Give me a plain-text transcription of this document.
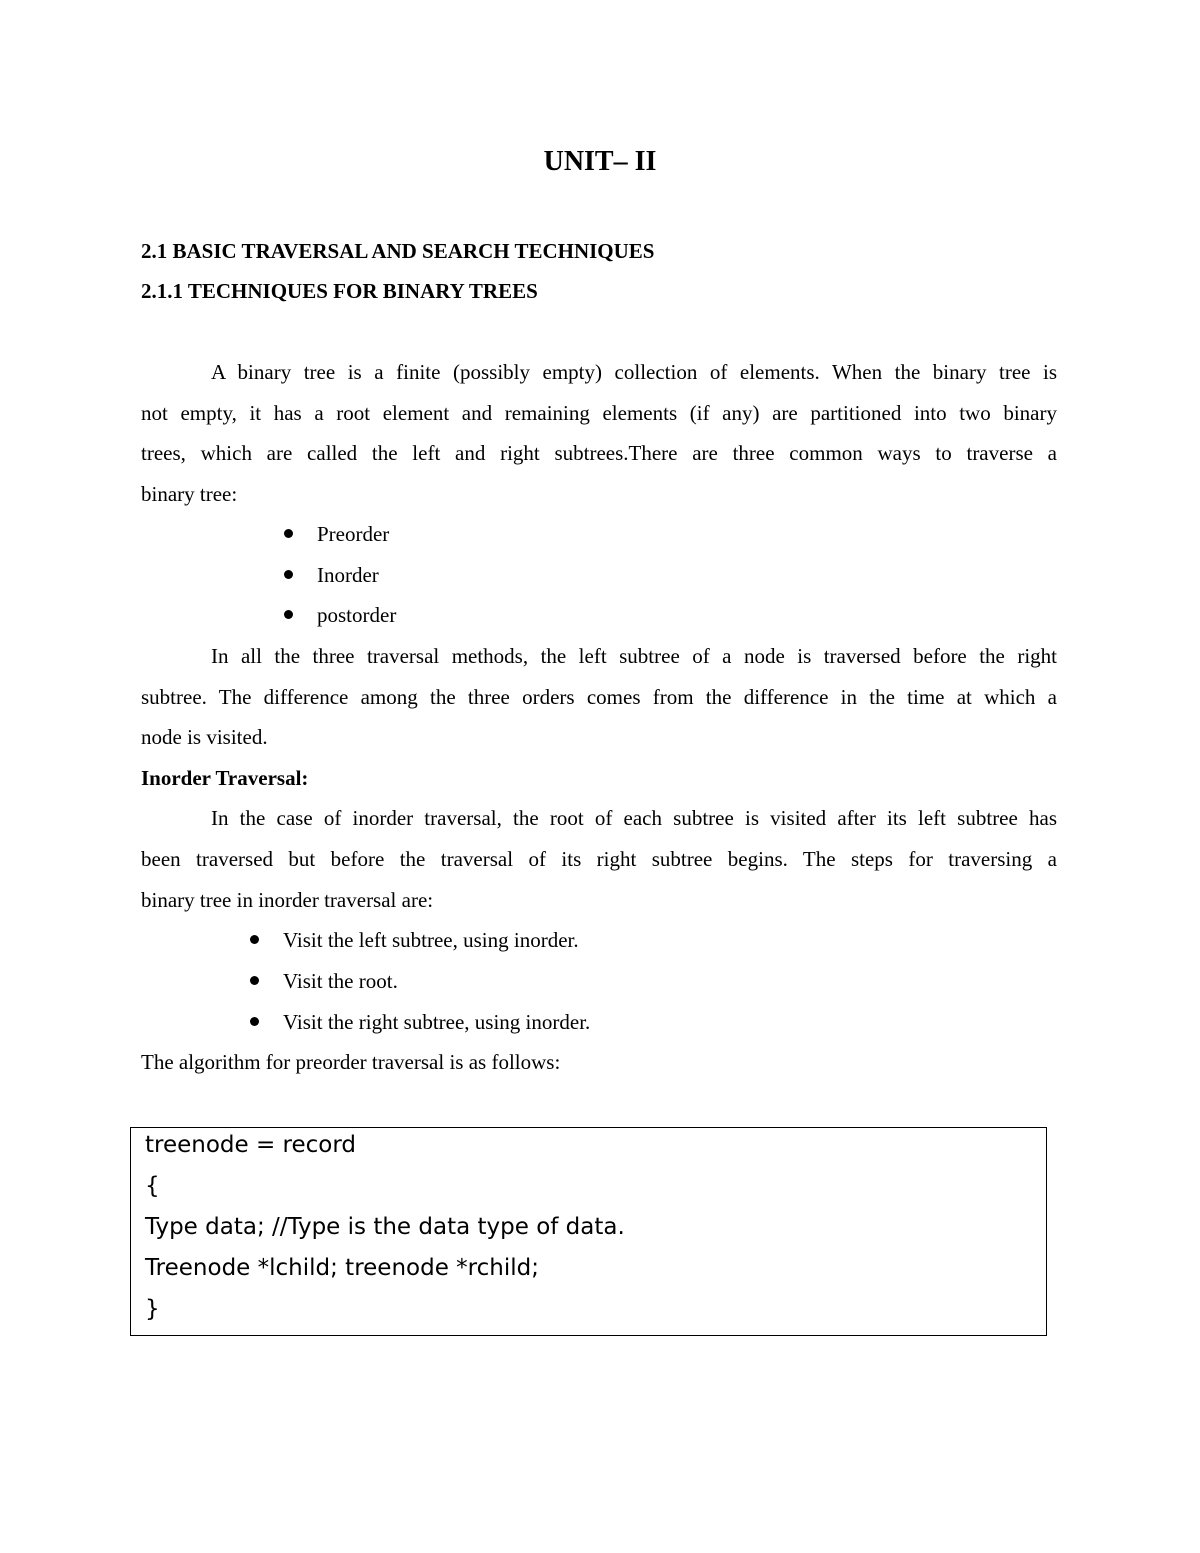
UNIT– II
2.1 BASIC TRAVERSAL AND SEARCH TECHNIQUES
2.1.1 TECHNIQUES FOR BINARY TREES
A binary tree is a finite (possibly empty) collection of elements. When the binary tree is
not empty, it has a root element and remaining elements (if any) are partitioned into two binary
trees, which are called the left and right subtrees.There are three common ways to traverse a
binary tree:
Preorder
Inorder
postorder
In all the three traversal methods, the left subtree of a node is traversed before the right
subtree. The difference among the three orders comes from the difference in the time at which a
node is visited.
Inorder Traversal:
In the case of inorder traversal, the root of each subtree is visited after its left subtree has
been traversed but before the traversal of its right subtree begins. The steps for traversing a
binary tree in inorder traversal are:
Visit the left subtree, using inorder.
Visit the root.
Visit the right subtree, using inorder.
The algorithm for preorder traversal is as follows:
treenode = record
{
Type data; //Type is the data type of data.
Treenode *lchild; treenode *rchild;
}
